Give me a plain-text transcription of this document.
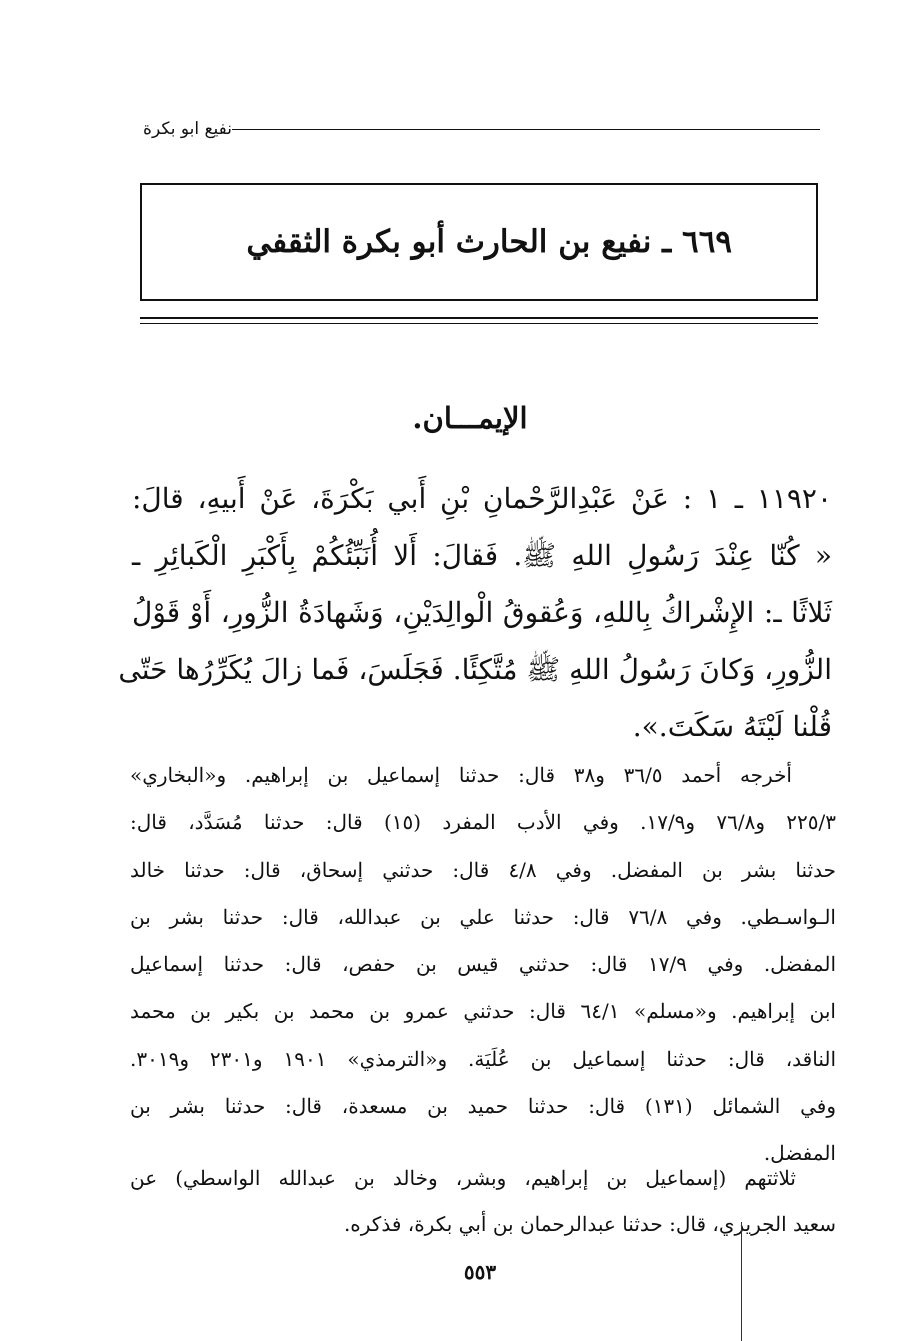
نفيع ابو بكرة
٦٦٩ ـ نفيع بن الحارث أبو بكرة الثقفي
الإيمـــان.
١١٩٢٠ ـ ١ : عَنْ عَبْدِالرَّحْمانِ بْنِ أَبي بَكْرَةَ، عَنْ أَبيهِ، قالَ:
« كُنّا عِنْدَ رَسُولِ اللهِ ﷺ. فَقالَ: أَلا أُنَبِّئُكُمْ بِأَكْبَرِ الْكَبائِرِ ـ
ثَلاثًا ـ: الإِشْراكُ بِاللهِ، وَعُقوقُ الْوالِدَيْنِ، وَشَهادَةُ الزُّورِ، أَوْ قَوْلُ
الزُّورِ، وَكانَ رَسُولُ اللهِ ﷺ مُتَّكِئًا. فَجَلَسَ، فَما زالَ يُكَرِّرُها حَتّى
قُلْنا لَيْتَهُ سَكَتَ.».
أخرجه أحمد ٣٦/٥ و٣٨ قال: حدثنا إسماعيل بن إبراهيم. و«البخاري»
٢٢٥/٣ و٧٦/٨ و١٧/٩. وفي الأدب المفرد (١٥) قال: حدثنا مُسَدَّد، قال:
حدثنا بشر بن المفضل. وفي ٤/٨ قال: حدثني إسحاق، قال: حدثنا خالد
الـواسـطي. وفي ٧٦/٨ قال: حدثنا علي بن عبدالله، قال: حدثنا بشر بن
المفضل. وفي ١٧/٩ قال: حدثني قيس بن حفص، قال: حدثنا إسماعيل
ابن إبراهيم. و«مسلم» ٦٤/١ قال: حدثني عمرو بن محمد بن بكير بن محمد
الناقد، قال: حدثنا إسماعيل بن عُلَيَة. و«الترمذي» ١٩٠١ و٢٣٠١ و٣٠١٩.
وفي الشمائل (١٣١) قال: حدثنا حميد بن مسعدة، قال: حدثنا بشر بن
المفضل.
ثلاثتهم (إسماعيل بن إبراهيم، وبشر، وخالد بن عبدالله الواسطي) عن
سعيد الجريري، قال: حدثنا عبدالرحمان بن أبي بكرة، فذكره.
٥٥٣
